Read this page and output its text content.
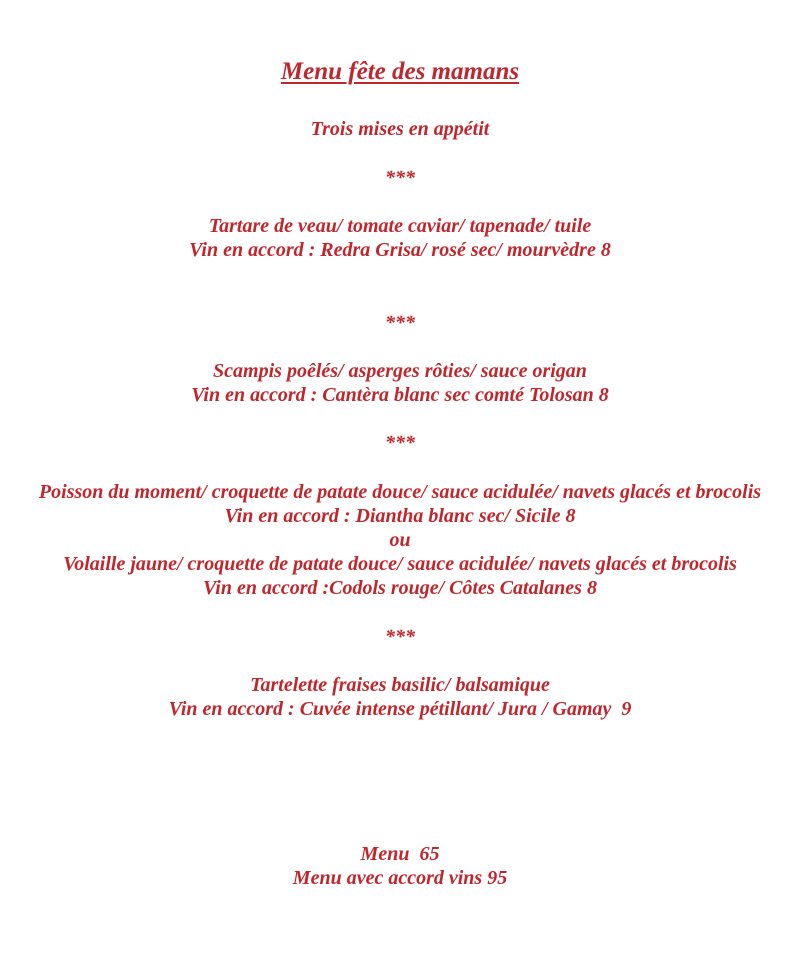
Menu fête des mamans
Trois mises en appétit
***
Tartare de veau/ tomate caviar/ tapenade/ tuile
Vin en accord : Redra Grisa/ rosé sec/ mourvèdre 8
***
Scampis poêlés/ asperges rôties/ sauce origan
Vin en accord : Cantèra blanc sec comté Tolosan 8
***
Poisson du moment/ croquette de patate douce/ sauce acidulée/ navets glacés et brocolis
Vin en accord : Diantha blanc sec/ Sicile 8
ou
Volaille jaune/ croquette de patate douce/ sauce acidulée/ navets glacés et brocolis
Vin en accord :Codols rouge/ Côtes Catalanes 8
***
Tartelette fraises basilic/ balsamique
Vin en accord : Cuvée intense pétillant/ Jura / Gamay  9
Menu  65
Menu avec accord vins 95
